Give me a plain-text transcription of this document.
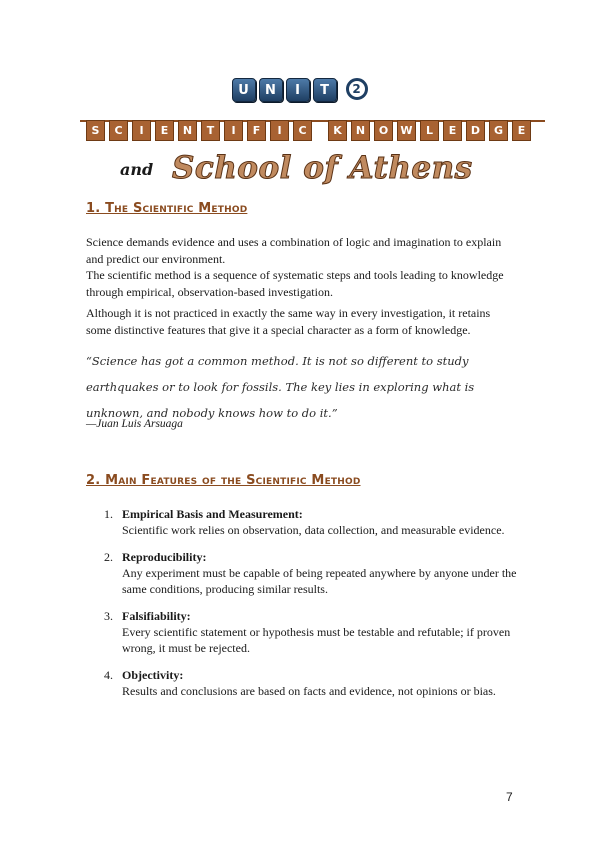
U	N	I	T	2
S	C	I	E	N	T	I	F	I	C	K	N	O	W	L	E	D	G	E
and School of Athens
1. The Scientific Method

Science demands evidence and uses a combination of logic and imagination to explain and predict our environment.

The scientific method is a sequence of systematic steps and tools leading to knowledge through empirical, observation-based investigation.

Although it is not practiced in exactly the same way in every investigation, it retains some distinctive features that give it a special character as a form of knowledge.

“Science has got a common method. It is not so different to study earthquakes or to look for fossils. The key lies in exploring what is unknown, and nobody knows how to do it.”
—Juan Luis Arsuaga
2. Main Features of the Scientific Method
1. Empirical Basis and Measurement:
Scientific work relies on observation, data collection, and measurable evidence.
2. Reproducibility:
Any experiment must be capable of being repeated anywhere by anyone under the same conditions, producing similar results.
3. Falsifiability:
Every scientific statement or hypothesis must be testable and refutable; if proven wrong, it must be rejected.
4. Objectivity:
Results and conclusions are based on facts and evidence, not opinions or bias.
7
